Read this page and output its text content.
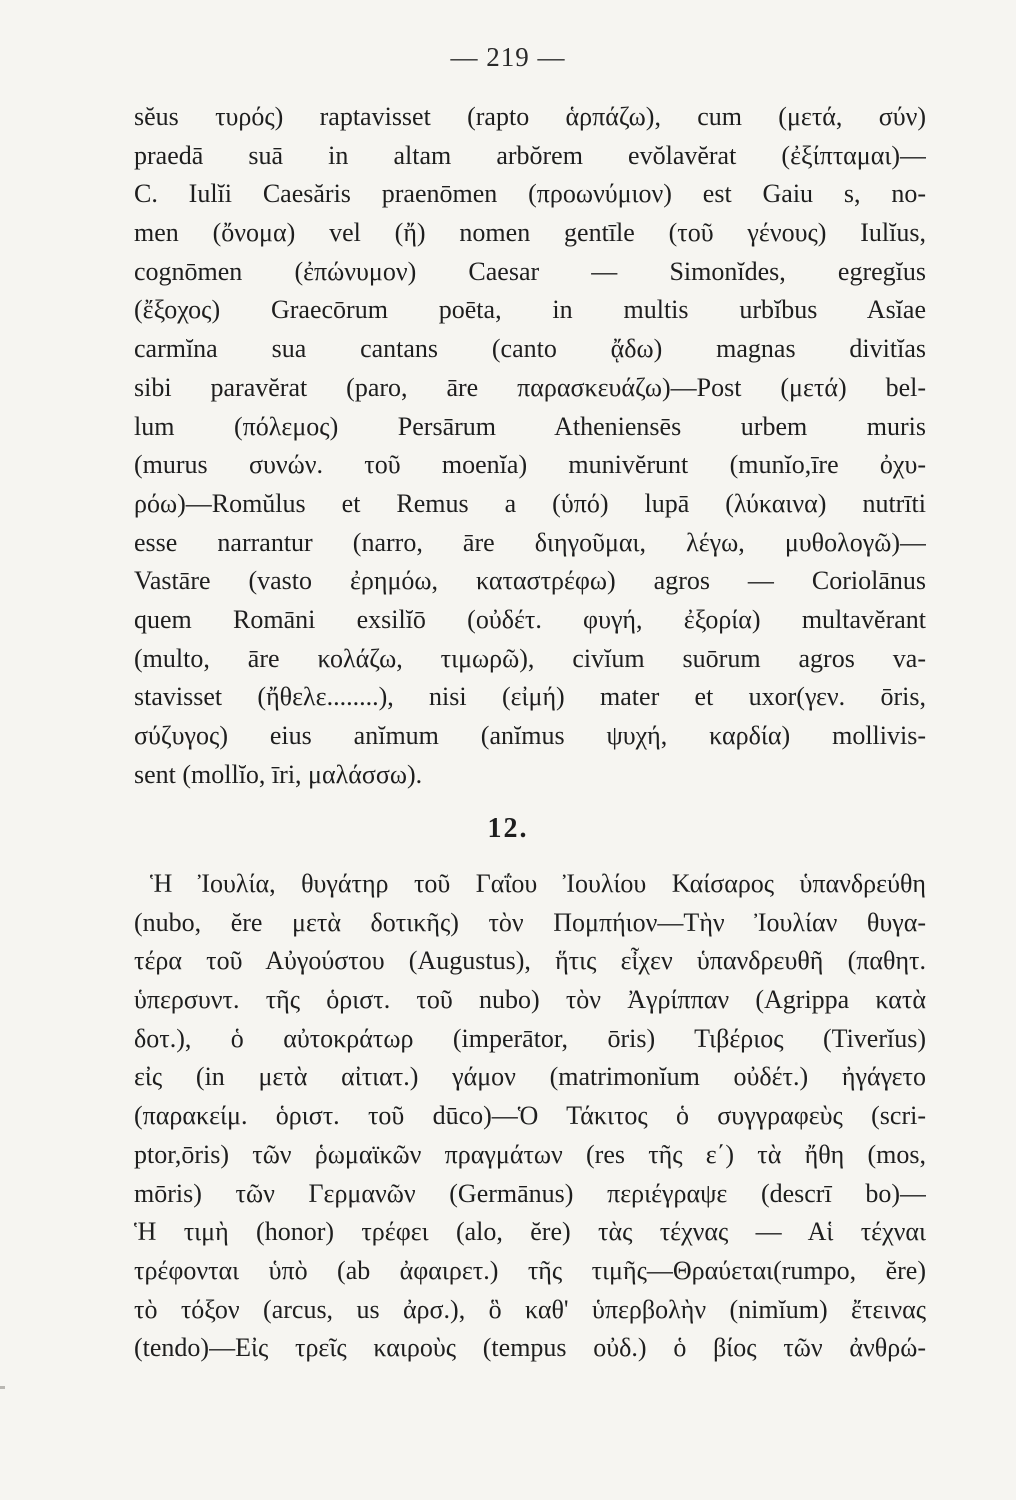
— 219 —
sĕus τυρός) raptavisset (rapto ἁρπάζω), cum (μετά, σύν)
praedā suā in altam arbŏrem evŏlavĕrat (ἐξίπταμαι)—
C. Iulĭi Caesăris praenōmen (προωνύμιον) est Gaiu s, no-
men (ὄνομα) vel (ἤ) nomen gentīle (τοῦ γένους) Iulĭus,
cognōmen (ἐπώνυμον) Caesar — Simonĭdes, egregĭus
(ἔξοχος) Graecōrum poēta, in multis urbĭbus Asĭae
carmĭna sua cantans (canto ᾄδω) magnas divitĭas
sibi paravĕrat (paro, āre παρασκευάζω)—Post (μετά) bel-
lum (πόλεμος) Persārum Atheniensēs urbem muris
(murus συνών. τοῦ moenĭa) munivĕrunt (munĭo,īre ὀχυ-
ρόω)—Romŭlus et Remus a (ὑπό) lupā (λύκαινα) nutrīti
esse narrantur (narro, āre διηγοῦμαι, λέγω, μυθολογῶ)—
Vastāre (vasto ἐρημόω, καταστρέφω) agros — Coriolānus
quem Romāni exsilĭō (οὐδέτ. φυγή, ἐξορία) multavĕrant
(multo, āre κολάζω, τιμωρῶ), civĭum suōrum agros va-
stavisset (ἤθελε........), nisi (εἰμή) mater et uxor(γεν. ōris,
σύζυγος) eius anĭmum (anĭmus ψυχή, καρδία) mollivis-
sent (mollĭo, īri, μαλάσσω).
12.
Ἡ Ἰουλία, θυγάτηρ τοῦ Γαΐου Ἰουλίου Καίσαρος ὑπανδρεύθη
(nubo, ĕre μετὰ δοτικῆς) τὸν Πομπήιον—Τὴν Ἰουλίαν θυγα-
τέρα τοῦ Αὐγούστου (Augustus), ἥτις εἶχεν ὑπανδρευθῆ (παθητ.
ὑπερσυντ. τῆς ὁριστ. τοῦ nubo) τὸν Ἀγρίππαν (Agrippa κατὰ
δοτ.), ὁ αὐτοκράτωρ (imperātor, ōris) Τιβέριος (Tiverĭus)
εἰς (in μετὰ αἰτιατ.) γάμον (matrimonĭum οὐδέτ.) ἠγάγετο
(παρακείμ. ὁριστ. τοῦ dūco)—Ὁ Τάκιτος ὁ συγγραφεὺς (scri-
ptor,ōris) τῶν ῥωμαϊκῶν πραγμάτων (res τῆς ε΄) τὰ ἤθη (mos,
mōris) τῶν Γερμανῶν (Germānus) περιέγραψε (descrī bo)—
Ἡ τιμὴ (honor) τρέφει (alo, ĕre) τὰς τέχνας — Αἱ τέχναι
τρέφονται ὑπὸ (ab ἀφαιρετ.) τῆς τιμῆς—Θραύεται(rumpo, ĕre)
τὸ τόξον (arcus, us ἀρσ.), ὃ καθ' ὑπερβολὴν (nimĭum) ἔτεινας
(tendo)—Εἰς τρεῖς καιροὺς (tempus οὐδ.) ὁ βίος τῶν ἀνθρώ-
